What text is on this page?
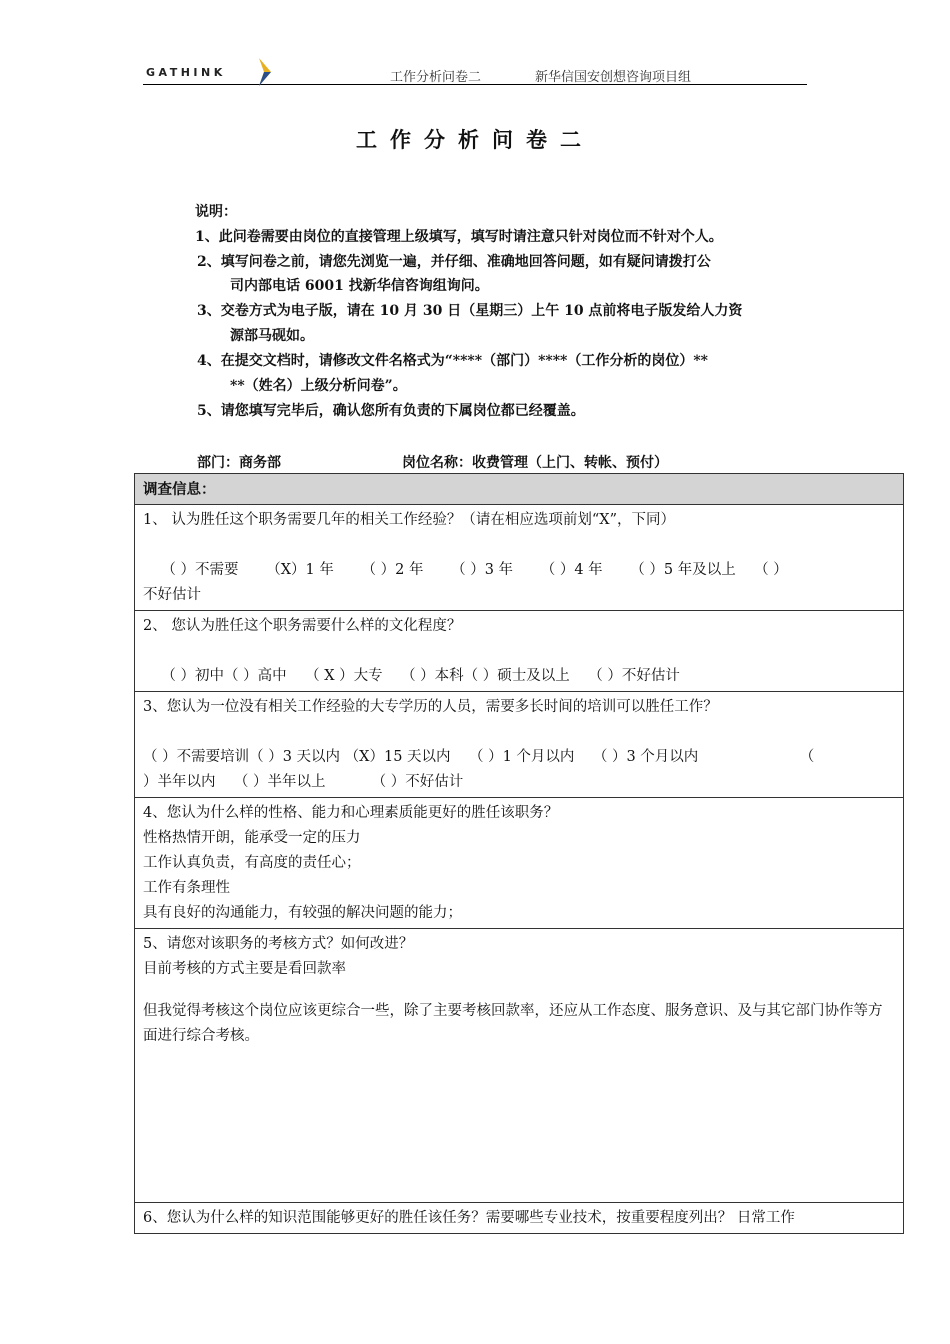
GATHINK	工作分析问卷二	新华信国安创想咨询项目组
工作分析问卷二
说明：
1、此问卷需要由岗位的直接管理上级填写，填写时请注意只针对岗位而不针对个人。
2、填写问卷之前，请您先浏览一遍，并仔细、准确地回答问题，如有疑问请拨打公
司内部电话 6001 找新华信咨询组询问。
3、交卷方式为电子版，请在 10 月 30 日（星期三）上午 10 点前将电子版发给人力资
源部马砚如。
4、在提交文档时，请修改文件名格式为“****（部门）****（工作分析的岗位）**
**（姓名）上级分析问卷”。
5、请您填写完毕后，确认您所有负责的下属岗位都已经覆盖。
部门：商务部	岗位名称：收费管理（上门、转帐、预付）
调查信息：

1、 认为胜任这个职务需要几年的相关工作经验？（请在相应选项前划“X”，下同）
（ ）不需要      （X）1 年      （ ）2 年      （ ）3 年      （ ）4 年      （ ）5 年及以上    （ ）
不好估计

2、 您认为胜任这个职务需要什么样的文化程度？
（ ）初中（ ）高中    （ X ）大专    （ ）本科（ ）硕士及以上    （ ）不好估计

3、您认为一位没有相关工作经验的大专学历的人员，需要多长时间的培训可以胜任工作？
（ ）不需要培训（ ）3 天以内 （X）15 天以内    （ ）1 个月以内    （ ）3 个月以内                      （
）半年以内    （ ）半年以上          （ ）不好估计

4、您认为什么样的性格、能力和心理素质能更好的胜任该职务？
性格热情开朗，能承受一定的压力
工作认真负责，有高度的责任心；
工作有条理性
具有良好的沟通能力，有较强的解决问题的能力；

5、请您对该职务的考核方式？如何改进？
目前考核的方式主要是看回款率
但我觉得考核这个岗位应该更综合一些，除了主要考核回款率，还应从工作态度、服务意识、及与其它部门协作等方面进行综合考核。

6、您认为什么样的知识范围能够更好的胜任该任务？需要哪些专业技术，按重要程度列出？ 日常工作
